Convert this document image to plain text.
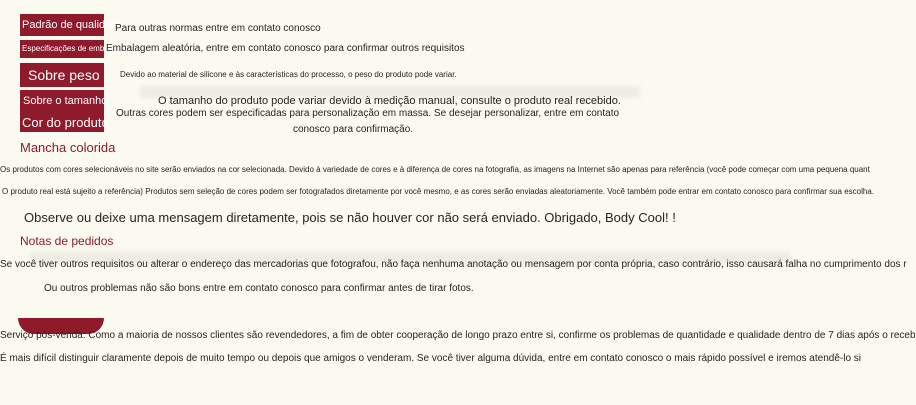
Padrão de qualidade
Para outras normas entre em contato conosco
Especificações de embalagem
Embalagem aleatória, entre em contato conosco para confirmar outros requisitos
Sobre peso	Devido ao material de silicone e às características do processo, o peso do produto pode variar.
Sobre o tamanho	O tamanho do produto pode variar devido à medição manual, consulte o produto real recebido.
Cor do produto
Outras cores podem ser especificadas para personalização em massa. Se desejar personalizar, entre em contato
conosco para confirmação.
Mancha colorida
Os produtos com cores selecionáveis no site serão enviados na cor selecionada. Devido à variedade de cores e à diferença de cores na fotografia, as imagens na Internet são apenas para referência (você pode começar com uma pequena quant
O produto real está sujeito a referência) Produtos sem seleção de cores podem ser fotografados diretamente por você mesmo, e as cores serão enviadas aleatoriamente. Você também pode entrar em contato conosco para confirmar sua escolha.
Observe ou deixe uma mensagem diretamente, pois se não houver cor não será enviado. Obrigado, Body Cool! !
Notas de pedidos
Se você tiver outros requisitos ou alterar o endereço das mercadorias que fotografou, não faça nenhuma anotação ou mensagem por conta própria, caso contrário, isso causará falha no cumprimento dos r
Ou outros problemas não são bons entre em contato conosco para confirmar antes de tirar fotos.
Serviço pós-venda: Como a maioria de nossos clientes são revendedores, a fim de obter cooperação de longo prazo entre si, confirme os problemas de quantidade e qualidade dentro de 7 dias após o receb
É mais difícil distinguir claramente depois de muito tempo ou depois que amigos o venderam. Se você tiver alguma dúvida, entre em contato conosco o mais rápido possível e iremos atendê-lo si
